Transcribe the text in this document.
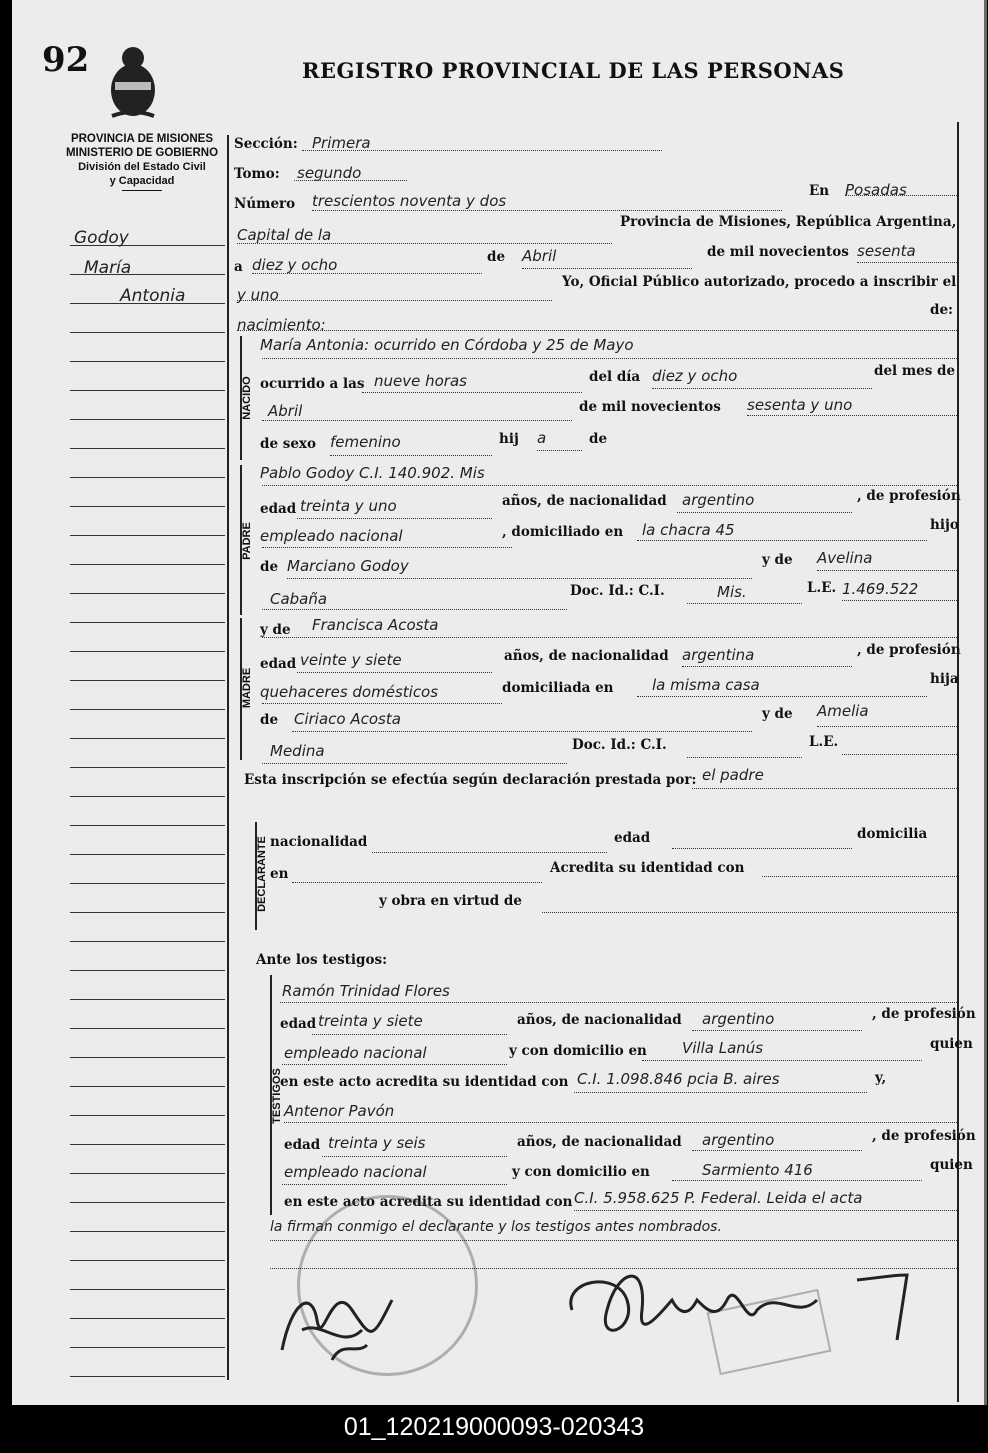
92	REGISTRO PROVINCIAL DE LAS PERSONAS
PROVINCIA DE MISIONES
MINISTERIO DE GOBIERNO
División del Estado Civil
y Capacidad
Godoy
María
Antonia
Sección: Primera
Tomo: segundo
Número trescientos noventa y dos
En Posadas
Provincia de Misiones, República Argentina,
Capital de la
a diez y ocho	de Abril	de mil novecientos sesenta
y uno
Yo, Oficial Público autorizado, procedo a inscribir el
de:
nacimiento:
NACIDO
PADRE
MADRE
María Antonia: ocurrido en Córdoba y 25 de Mayo
ocurrido a las nueve horas	del día diez y ocho	del mes de
Abril	de mil novecientos sesenta y uno
de sexo femenino	hij a	de
Pablo Godoy C.I. 140.902. Mis
edad treinta y uno	años, de nacionalidad argentino	, de profesión
empleado nacional	, domiciliado en la chacra 45	hijo
de Marciano Godoy	y de Avelina
Cabaña	Doc. Id.: C.I.	Mis.	L.E. 1.469.522
y de Francisca Acosta
edad veinte y siete	años, de nacionalidad argentina	, de profesión
quehaceres domésticos	domiciliada en	la misma casa	hija
de Ciriaco Acosta	y de Amelia
Medina	Doc. Id.: C.I.	L.E.
Esta inscripción se efectúa según declaración prestada por: el padre
DECLARANTE nacionalidad	edad	domicilia
en	Acredita su identidad con
y obra en virtud de
Ante los testigos:
TESTIGOS
Ramón Trinidad Flores
edad treinta y siete	años, de nacionalidad argentino	, de profesión
empleado nacional	y con domicilio en Villa Lanús	quien
en este acto acredita su identidad con C.I. 1.098.846 pcia B. aires	y,
Antenor Pavón
edad treinta y seis	años, de nacionalidad argentino	, de profesión
empleado nacional	y con domicilio en	Sarmiento 416	quien
en este acto acredita su identidad con C.I. 5.958.625 P. Federal. Leida el acta
la firman conmigo el declarante y los testigos antes nombrados.
01_120219000093-020343
